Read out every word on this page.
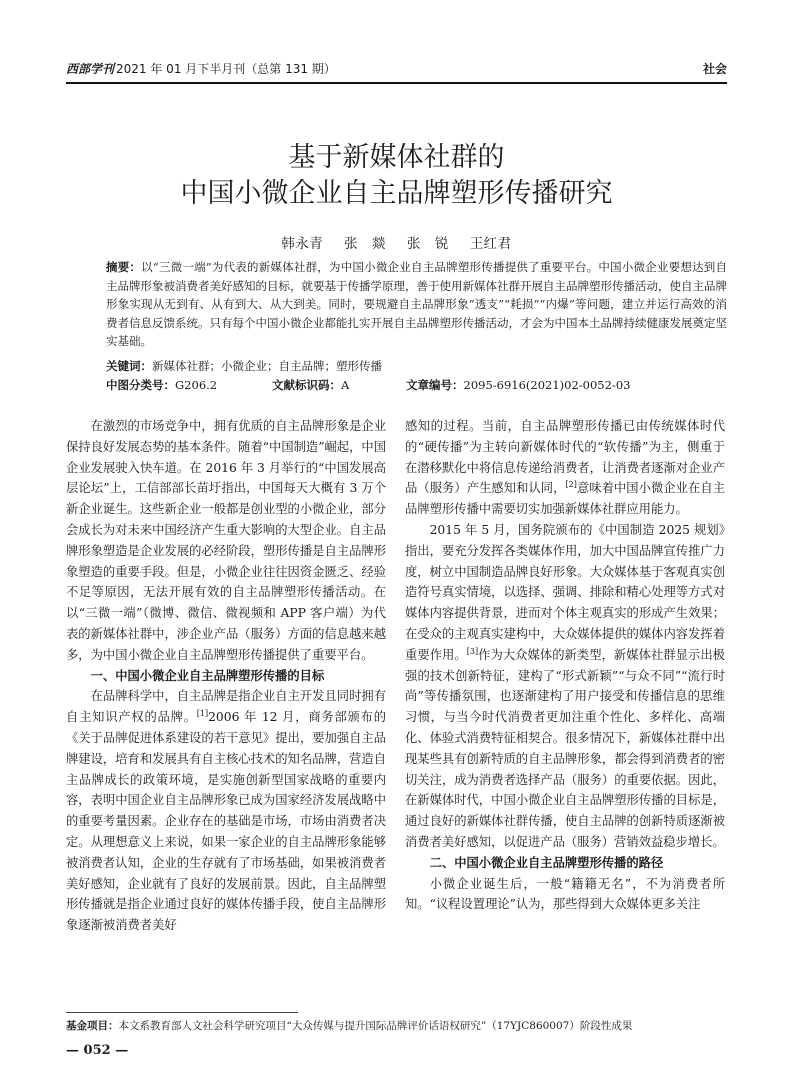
西部学刊 2021 年 01 月下半月刊（总第 131 期）	社会
基于新媒体社群的
中国小微企业自主品牌塑形传播研究
韩永青 张　燚 张　锐 王红君
摘要：以“三微一端”为代表的新媒体社群，为中国小微企业自主品牌塑形传播提供了重要平台。中国小微企业要想达到自主品牌形象被消费者美好感知的目标，就要基于传播学原理，善于使用新媒体社群开展自主品牌塑形传播活动，使自主品牌形象实现从无到有、从有到大、从大到美。同时，要规避自主品牌形象“透支”“耗损”“内爆”等问题，建立并运行高效的消费者信息反馈系统。只有每个中国小微企业都能扎实开展自主品牌塑形传播活动，才会为中国本土品牌持续健康发展奠定坚实基础。
关键词：新媒体社群；小微企业；自主品牌；塑形传播
中图分类号：G206.2	文献标识码：A	文章编号：2095-6916(2021)02-0052-03

在激烈的市场竞争中，拥有优质的自主品牌形象是企业保持良好发展态势的基本条件。随着“中国制造”崛起，中国企业发展驶入快车道。在 2016 年 3 月举行的“中国发展高层论坛”上，工信部部长苗圩指出，中国每天大概有 3 万个新企业诞生。这些新企业一般都是创业型的小微企业，部分会成长为对未来中国经济产生重大影响的大型企业。自主品牌形象塑造是企业发展的必经阶段，塑形传播是自主品牌形象塑造的重要手段。但是，小微企业往往因资金匮乏、经验不足等原因，无法开展有效的自主品牌塑形传播活动。在以“三微一端”（微博、微信、微视频和 APP 客户端）为代表的新媒体社群中，涉企业产品（服务）方面的信息越来越多，为中国小微企业自主品牌塑形传播提供了重要平台。

一、中国小微企业自主品牌塑形传播的目标

在品牌科学中，自主品牌是指企业自主开发且同时拥有自主知识产权的品牌。[1]2006 年 12 月，商务部颁布的《关于品牌促进体系建设的若干意见》提出，要加强自主品牌建设，培育和发展具有自主核心技术的知名品牌，营造自主品牌成长的政策环境，是实施创新型国家战略的重要内容，表明中国企业自主品牌形象已成为国家经济发展战略中的重要考量因素。企业存在的基础是市场，市场由消费者决定。从理想意义上来说，如果一家企业的自主品牌形象能够被消费者认知，企业的生存就有了市场基础，如果被消费者美好感知，企业就有了良好的发展前景。因此，自主品牌塑形传播就是指企业通过良好的媒体传播手段，使自主品牌形象逐渐被消费者美好

感知的过程。当前，自主品牌塑形传播已由传统媒体时代的“硬传播”为主转向新媒体时代的“软传播”为主，侧重于在潜移默化中将信息传递给消费者，让消费者逐渐对企业产品（服务）产生感知和认同，[2]意味着中国小微企业在自主品牌塑形传播中需要切实加强新媒体社群应用能力。

2015 年 5 月，国务院颁布的《中国制造 2025 规划》指出，要充分发挥各类媒体作用，加大中国品牌宣传推广力度，树立中国制造品牌良好形象。大众媒体基于客观真实创造符号真实情境，以选择、强调、排除和精心处理等方式对媒体内容提供背景，进而对个体主观真实的形成产生效果；在受众的主观真实建构中，大众媒体提供的媒体内容发挥着重要作用。[3]作为大众媒体的新类型，新媒体社群显示出极强的技术创新特征，建构了“形式新颖”“与众不同”“流行时尚”等传播氛围，也逐渐建构了用户接受和传播信息的思维习惯，与当今时代消费者更加注重个性化、多样化、高端化、体验式消费特征相契合。很多情况下，新媒体社群中出现某些具有创新特质的自主品牌形象，都会得到消费者的密切关注，成为消费者选择产品（服务）的重要依据。因此，在新媒体时代，中国小微企业自主品牌塑形传播的目标是，通过良好的新媒体社群传播，使自主品牌的创新特质逐渐被消费者美好感知，以促进产品（服务）营销效益稳步增长。

二、中国小微企业自主品牌塑形传播的路径

小微企业诞生后，一般“籍籍无名”，不为消费者所知。“议程设置理论”认为，那些得到大众媒体更多关注

基金项目：本文系教育部人文社会科学研究项目“大众传媒与提升国际品牌评价话语权研究”（17YJC860007）阶段性成果
— 052 —
